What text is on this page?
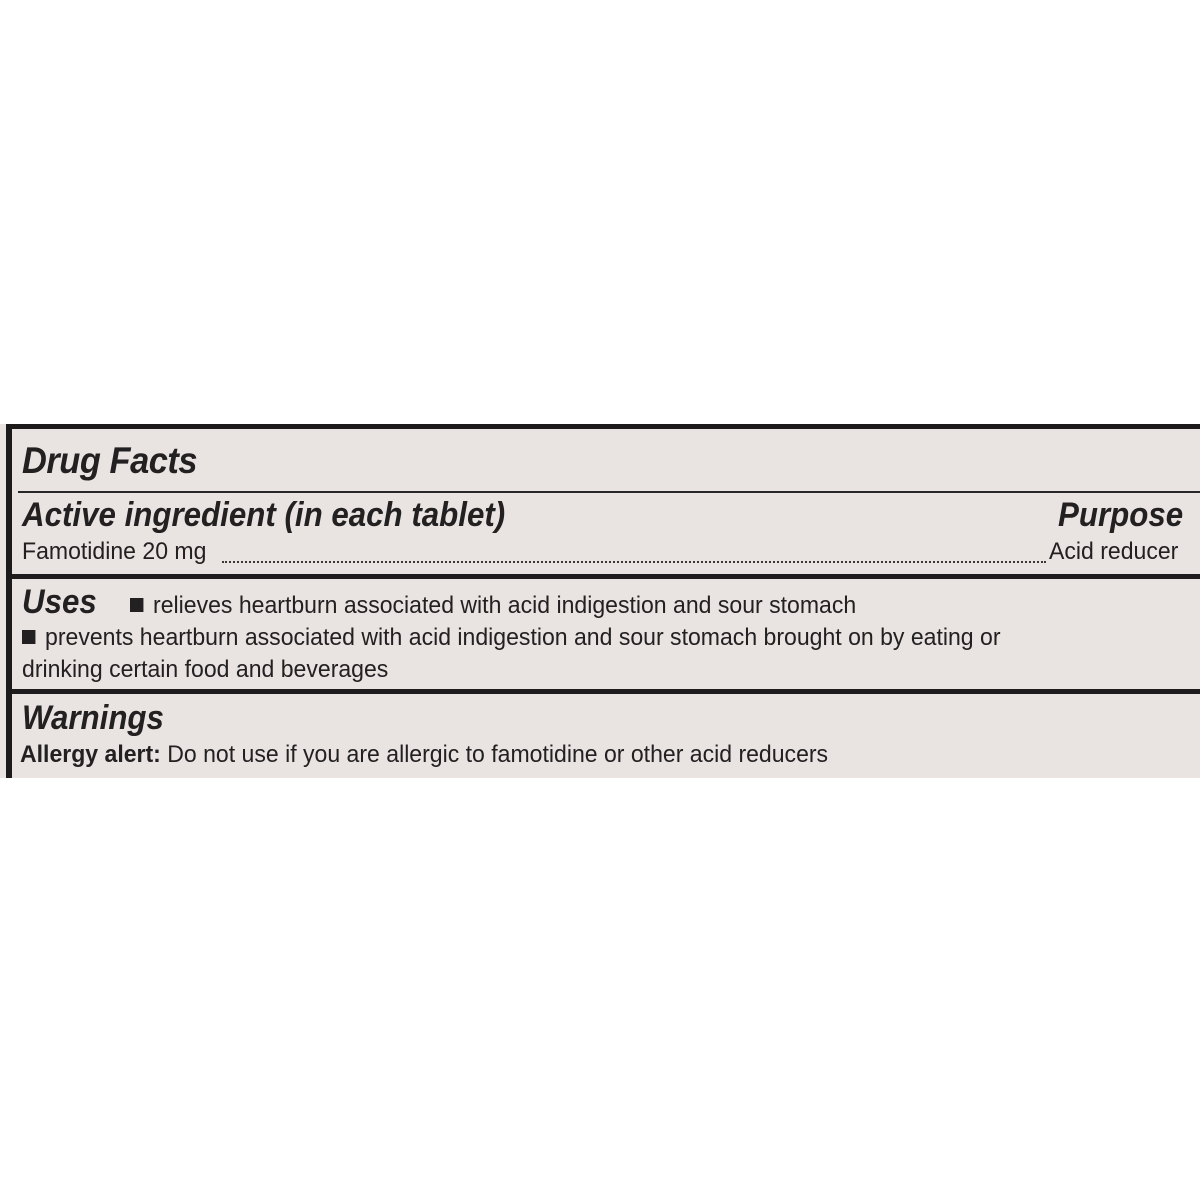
Drug Facts
Active ingredient (in each tablet)	Purpose
Famotidine 20 mg	Acid reducer
Uses	relieves heartburn associated with acid indigestion and sour stomach
prevents heartburn associated with acid indigestion and sour stomach brought on by eating or
drinking certain food and beverages
Warnings
Allergy alert: Do not use if you are allergic to famotidine or other acid reducers
